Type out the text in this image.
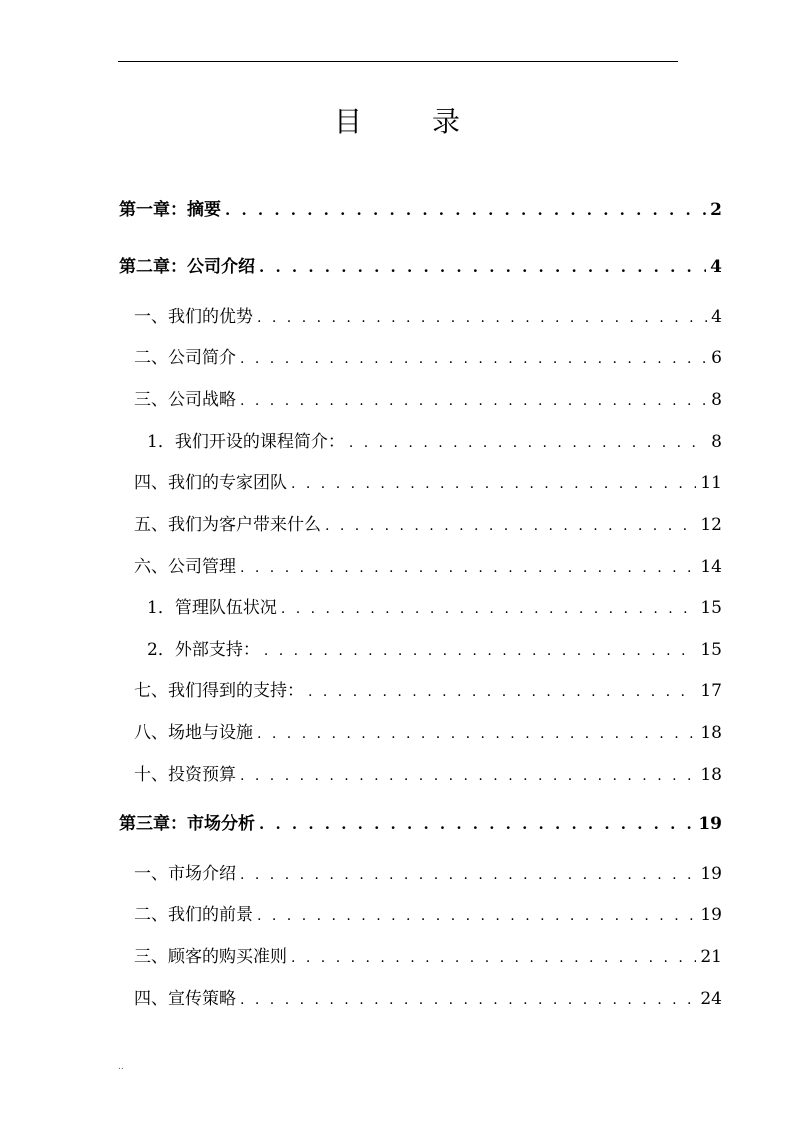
目	录
第一章：摘要 . . .	2
第二章：公司介绍 . . .	4
一、我们的优势 . . .	4
二、公司简介 . . .	6
三、公司战略 . . .	8
1．我们开设的课程简介： . . .	8
四、我们的专家团队 . . .	11
五、我们为客户带来什么 . . .	12
六、公司管理 . . .	14
1．管理队伍状况 . . .	15
2．外部支持： . . .	15
七、我们得到的支持： . . .	17
八、场地与设施 . . .	18
十、投资预算 . . .	18
第三章：市场分析 . . .	19
一、市场介绍 . . .	19
二、我们的前景 . . .	19
三、顾客的购买准则 . . .	21
四、宣传策略 . . .	24
..
